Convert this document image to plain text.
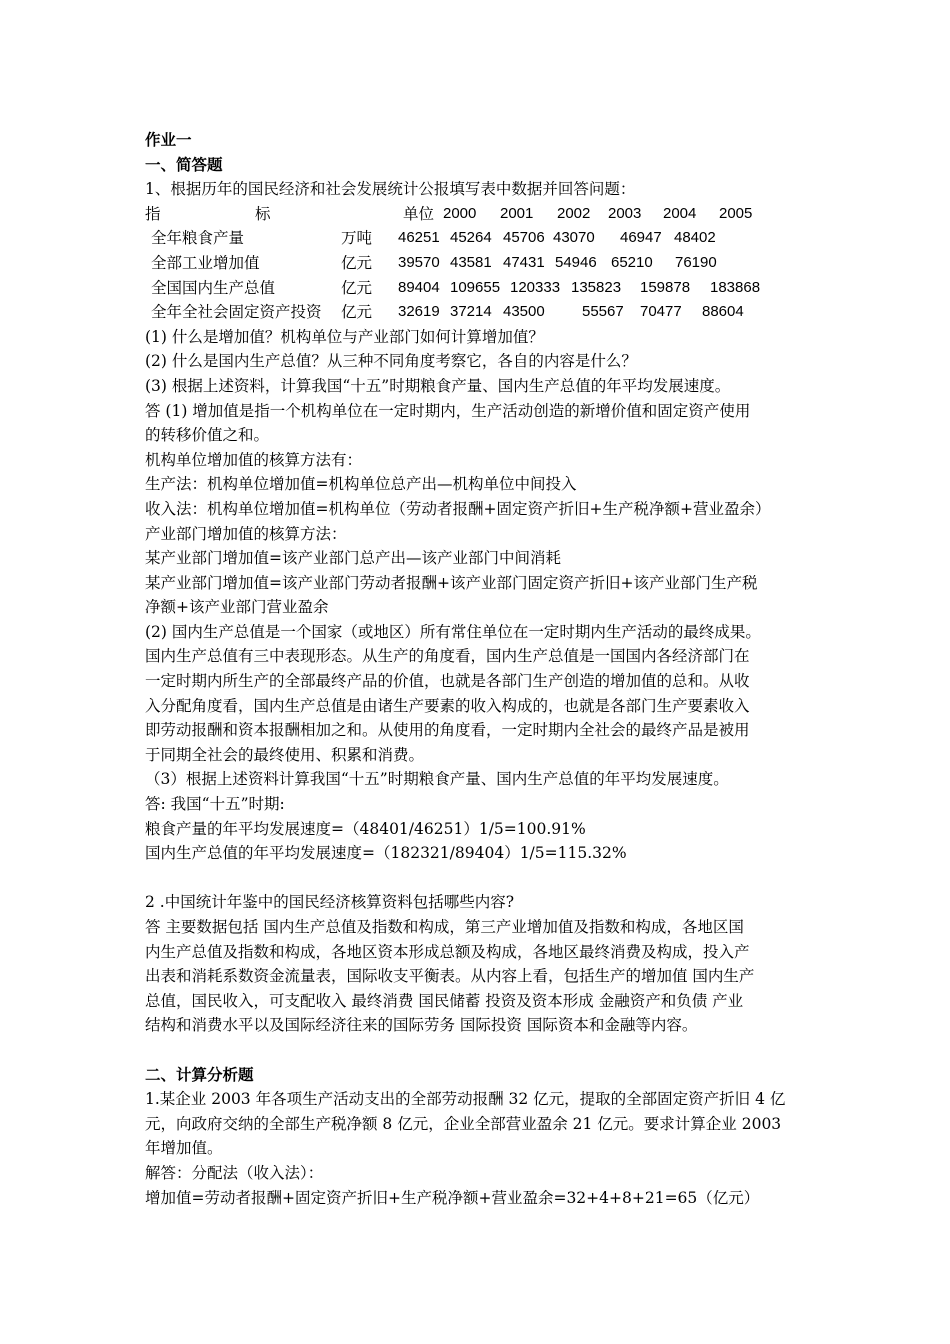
作业一
一、简答题
1、根据历年的国民经济和社会发展统计公报填写表中数据并回答问题：
指	标	单位 2000 2001 2002 2003 2004 2005
全年粮食产量	万吨 46251 45264 45706 43070 46947 48402
全部工业增加值	亿元 39570 43581 47431 54946 65210 76190
全国国内生产总值	亿元 89404 109655 120333 135823 159878 183868
全年全社会固定资产投资 亿元 32619 37214 43500 55567 70477 88604
(1) 什么是增加值？机构单位与产业部门如何计算增加值？
(2) 什么是国内生产总值？从三种不同角度考察它，各自的内容是什么？
(3) 根据上述资料，计算我国“十五”时期粮食产量、国内生产总值的年平均发展速度。
答 (1) 增加值是指一个机构单位在一定时期内，生产活动创造的新增价值和固定资产使用
的转移价值之和。
机构单位增加值的核算方法有：
生产法：机构单位增加值=机构单位总产出—机构单位中间投入
收入法：机构单位增加值=机构单位（劳动者报酬+固定资产折旧+生产税净额+营业盈余）
产业部门增加值的核算方法：
某产业部门增加值=该产业部门总产出—该产业部门中间消耗
某产业部门增加值=该产业部门劳动者报酬+该产业部门固定资产折旧+该产业部门生产税
净额+该产业部门营业盈余
(2) 国内生产总值是一个国家（或地区）所有常住单位在一定时期内生产活动的最终成果。
国内生产总值有三中表现形态。从生产的角度看，国内生产总值是一国国内各经济部门在
一定时期内所生产的全部最终产品的价值，也就是各部门生产创造的增加值的总和。从收
入分配角度看，国内生产总值是由诸生产要素的收入构成的，也就是各部门生产要素收入
即劳动报酬和资本报酬相加之和。从使用的角度看，一定时期内全社会的最终产品是被用
于同期全社会的最终使用、积累和消费。
（3）根据上述资料计算我国“十五”时期粮食产量、国内生产总值的年平均发展速度。
答: 我国“十五”时期:
粮食产量的年平均发展速度=（48401/46251）1/5=100.91%
国内生产总值的年平均发展速度=（182321/89404）1/5=115.32%
2 .中国统计年鉴中的国民经济核算资料包括哪些内容?
答 主要数据包括 国内生产总值及指数和构成，第三产业增加值及指数和构成，各地区国
内生产总值及指数和构成，各地区资本形成总额及构成，各地区最终消费及构成，投入产
出表和消耗系数资金流量表，国际收支平衡表。从内容上看，包括生产的增加值 国内生产
总值，国民收入，可支配收入 最终消费 国民储蓄 投资及资本形成 金融资产和负债 产业
结构和消费水平以及国际经济往来的国际劳务 国际投资 国际资本和金融等内容。
二、计算分析题
1.某企业 2003 年各项生产活动支出的全部劳动报酬 32 亿元，提取的全部固定资产折旧 4 亿
元，向政府交纳的全部生产税净额 8 亿元，企业全部营业盈余 21 亿元。要求计算企业 2003
年增加值。
解答：分配法（收入法）：
增加值=劳动者报酬+固定资产折旧+生产税净额+营业盈余=32+4+8+21=65（亿元）
